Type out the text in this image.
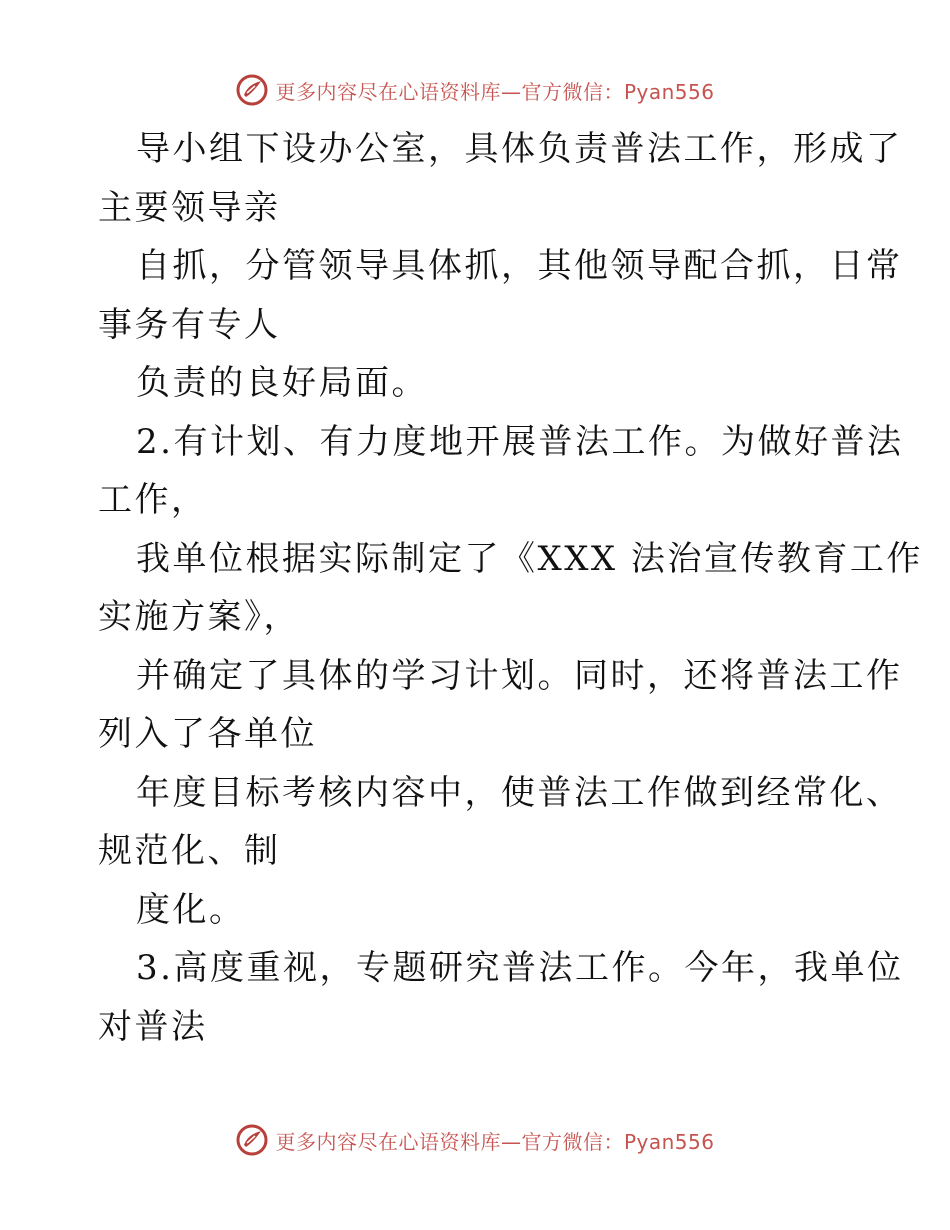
更多内容尽在心语资料库—官方微信：Pyan556
导小组下设办公室，具体负责普法工作，形成了
主要领导亲
自抓，分管领导具体抓，其他领导配合抓，日常
事务有专人
负责的良好局面。
2.有计划、有力度地开展普法工作。为做好普法
工作，
我单位根据实际制定了《XXX 法治宣传教育工作
实施方案》，
并确定了具体的学习计划。同时，还将普法工作
列入了各单位
年度目标考核内容中，使普法工作做到经常化、
规范化、制
度化。
3.高度重视，专题研究普法工作。今年，我单位
对普法
更多内容尽在心语资料库—官方微信：Pyan556
